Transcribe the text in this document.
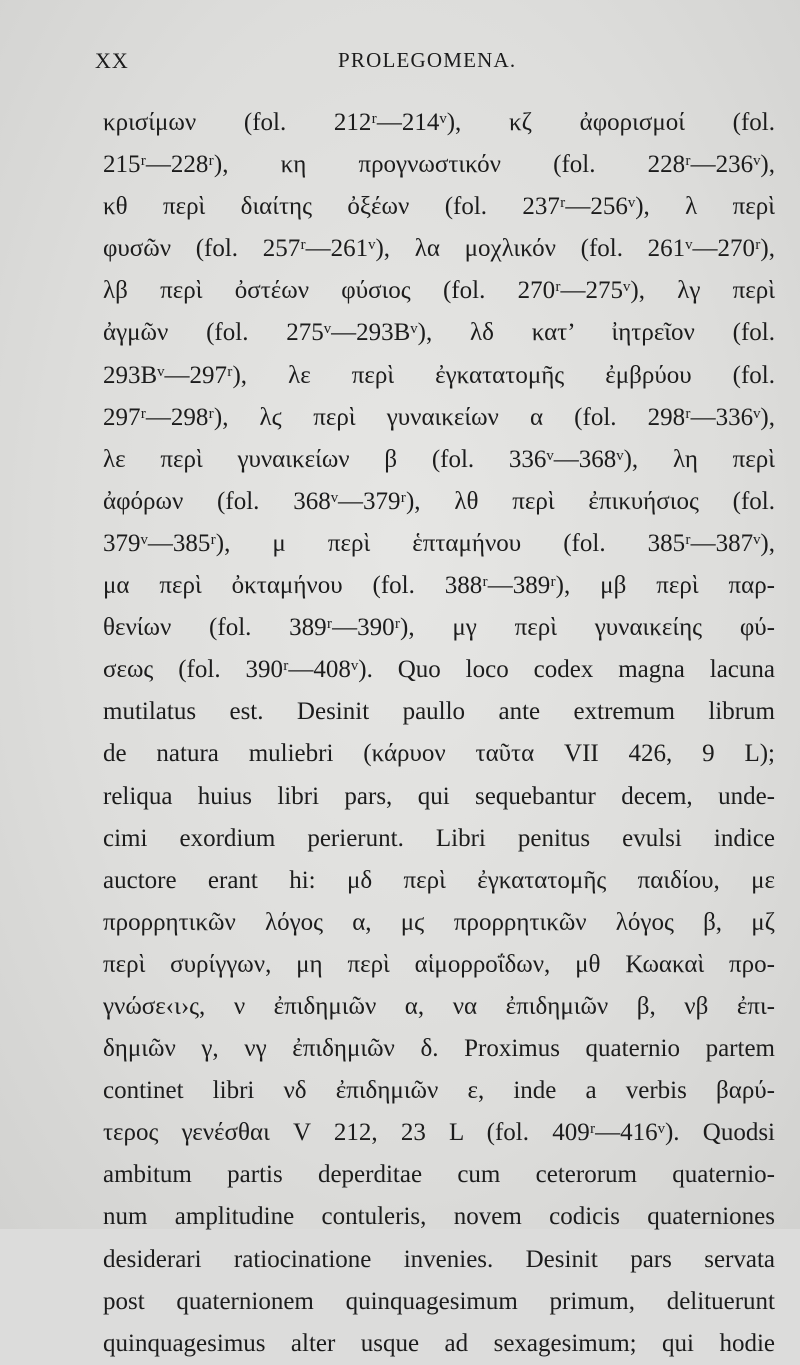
XX	PROLEGOMENA.
κρισίμων (fol. 212ʳ—214ᵛ), κζ ἀφορισμοί (fol.
215ʳ—228ʳ), κη προγνωστικόν (fol. 228ʳ—236ᵛ),
κθ περὶ διαίτης ὀξέων (fol. 237ʳ—256ᵛ), λ περὶ
φυσῶν (fol. 257ʳ—261ᵛ), λα μοχλικόν (fol. 261ᵛ—270ʳ),
λβ περὶ ὀστέων φύσιος (fol. 270ʳ—275ᵛ), λγ περὶ
ἀγμῶν (fol. 275ᵛ—293Bᵛ), λδ κατ’ ἰητρεῖον (fol.
293Bᵛ—297ʳ), λε περὶ ἐγκατατομῆς ἐμβρύου (fol.
297ʳ—298ʳ), λϛ περὶ γυναικείων α (fol. 298ʳ—336ᵛ),
λε περὶ γυναικείων β (fol. 336ᵛ—368ᵛ), λη περὶ
ἀφόρων (fol. 368ᵛ—379ʳ), λθ περὶ ἐπικυήσιος (fol.
379ᵛ—385ʳ), μ περὶ ἑπταμήνου (fol. 385ʳ—387ᵛ),
μα περὶ ὀκταμήνου (fol. 388ʳ—389ʳ), μβ περὶ παρ-
θενίων (fol. 389ʳ—390ʳ), μγ περὶ γυναικείης φύ-
σεως (fol. 390ʳ—408ᵛ). Quo loco codex magna lacuna
mutilatus est. Desinit paullo ante extremum librum
de natura muliebri (κάρυον ταῦτα VII 426, 9 L);
reliqua huius libri pars, qui sequebantur decem, unde-
cimi exordium perierunt. Libri penitus evulsi indice
auctore erant hi: μδ περὶ ἐγκατατομῆς παιδίου, με
προρρητικῶν λόγος α, μϛ προρρητικῶν λόγος β, μζ
περὶ συρίγγων, μη περὶ αἱμορροΐδων, μθ Κωακαὶ προ-
γνώσε‹ι›ς, ν ἐπιδημιῶν α, να ἐπιδημιῶν β, νβ ἐπι-
δημιῶν γ, νγ ἐπιδημιῶν δ. Proximus quaternio partem
continet libri νδ ἐπιδημιῶν ε, inde a verbis βαρύ-
τερος γενέσθαι V 212, 23 L (fol. 409ʳ—416ᵛ). Quodsi
ambitum partis deperditae cum ceterorum quaternio-
num amplitudine contuleris, novem codicis quaterniones
desiderari ratiocinatione invenies. Desinit pars servata
post quaternionem quinquagesimum primum, delituerunt
quinquagesimus alter usque ad sexagesimum; qui hodie
